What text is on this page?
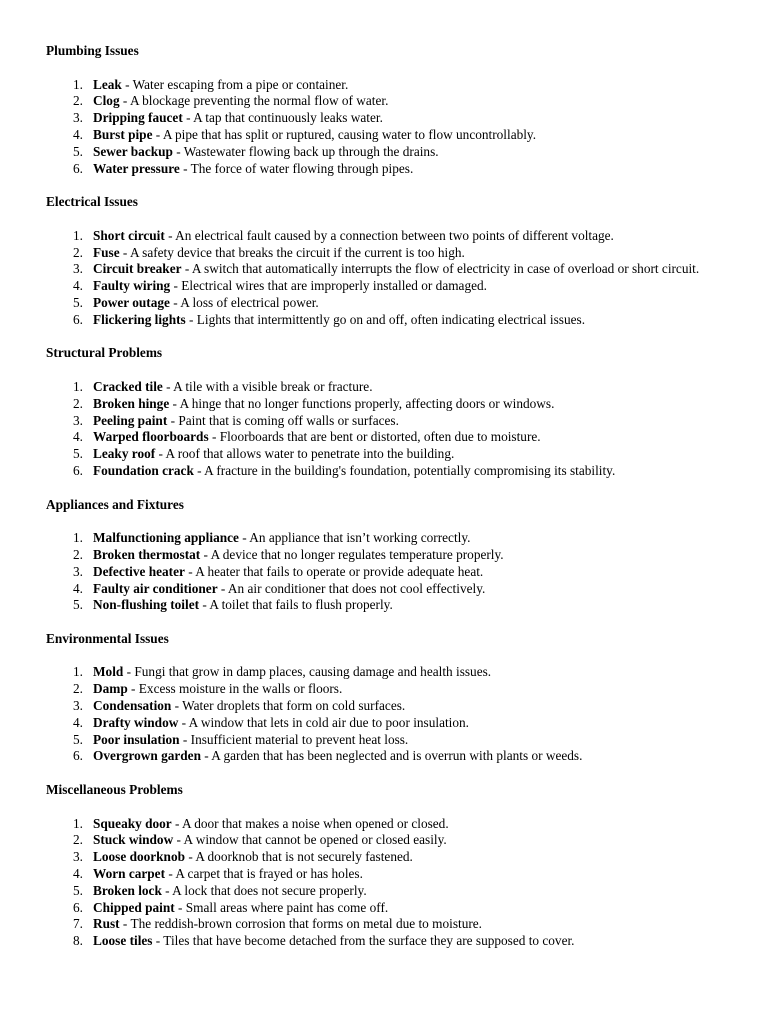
Plumbing Issues
1. Leak - Water escaping from a pipe or container.
2. Clog - A blockage preventing the normal flow of water.
3. Dripping faucet - A tap that continuously leaks water.
4. Burst pipe - A pipe that has split or ruptured, causing water to flow uncontrollably.
5. Sewer backup - Wastewater flowing back up through the drains.
6. Water pressure - The force of water flowing through pipes.
Electrical Issues
1. Short circuit - An electrical fault caused by a connection between two points of different voltage.
2. Fuse - A safety device that breaks the circuit if the current is too high.
3. Circuit breaker - A switch that automatically interrupts the flow of electricity in case of overload or short circuit.
4. Faulty wiring - Electrical wires that are improperly installed or damaged.
5. Power outage - A loss of electrical power.
6. Flickering lights - Lights that intermittently go on and off, often indicating electrical issues.
Structural Problems
1. Cracked tile - A tile with a visible break or fracture.
2. Broken hinge - A hinge that no longer functions properly, affecting doors or windows.
3. Peeling paint - Paint that is coming off walls or surfaces.
4. Warped floorboards - Floorboards that are bent or distorted, often due to moisture.
5. Leaky roof - A roof that allows water to penetrate into the building.
6. Foundation crack - A fracture in the building's foundation, potentially compromising its stability.
Appliances and Fixtures
1. Malfunctioning appliance - An appliance that isn’t working correctly.
2. Broken thermostat - A device that no longer regulates temperature properly.
3. Defective heater - A heater that fails to operate or provide adequate heat.
4. Faulty air conditioner - An air conditioner that does not cool effectively.
5. Non-flushing toilet - A toilet that fails to flush properly.
Environmental Issues
1. Mold - Fungi that grow in damp places, causing damage and health issues.
2. Damp - Excess moisture in the walls or floors.
3. Condensation - Water droplets that form on cold surfaces.
4. Drafty window - A window that lets in cold air due to poor insulation.
5. Poor insulation - Insufficient material to prevent heat loss.
6. Overgrown garden - A garden that has been neglected and is overrun with plants or weeds.
Miscellaneous Problems
1. Squeaky door - A door that makes a noise when opened or closed.
2. Stuck window - A window that cannot be opened or closed easily.
3. Loose doorknob - A doorknob that is not securely fastened.
4. Worn carpet - A carpet that is frayed or has holes.
5. Broken lock - A lock that does not secure properly.
6. Chipped paint - Small areas where paint has come off.
7. Rust - The reddish-brown corrosion that forms on metal due to moisture.
8. Loose tiles - Tiles that have become detached from the surface they are supposed to cover.
